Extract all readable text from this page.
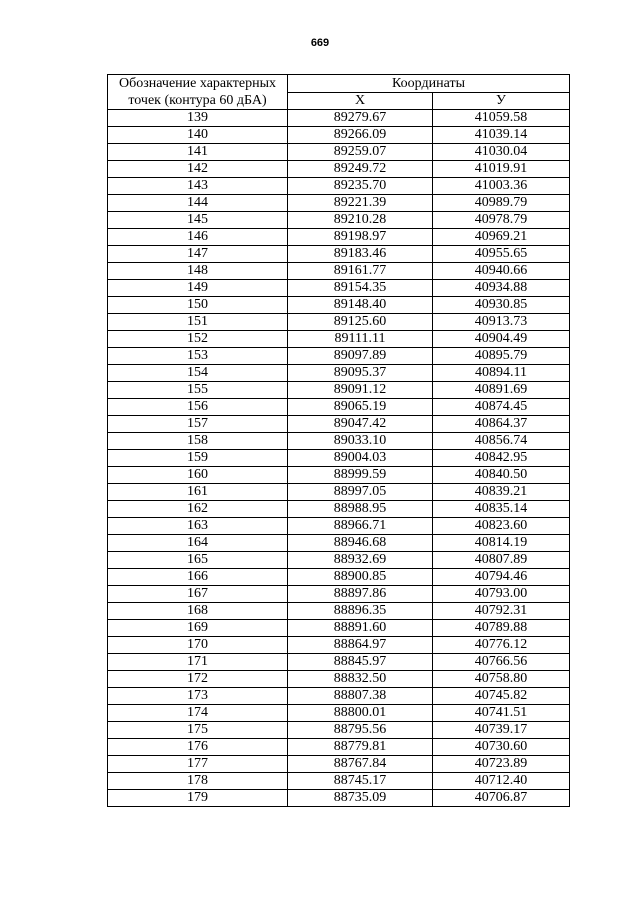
669
Обозначение характерных
точек (контура 60 дБА)	Координаты	
	Х	У
139	89279.67	41059.58
140	89266.09	41039.14
141	89259.07	41030.04
142	89249.72	41019.91
143	89235.70	41003.36
144	89221.39	40989.79
145	89210.28	40978.79
146	89198.97	40969.21
147	89183.46	40955.65
148	89161.77	40940.66
149	89154.35	40934.88
150	89148.40	40930.85
151	89125.60	40913.73
152	89111.11	40904.49
153	89097.89	40895.79
154	89095.37	40894.11
155	89091.12	40891.69
156	89065.19	40874.45
157	89047.42	40864.37
158	89033.10	40856.74
159	89004.03	40842.95
160	88999.59	40840.50
161	88997.05	40839.21
162	88988.95	40835.14
163	88966.71	40823.60
164	88946.68	40814.19
165	88932.69	40807.89
166	88900.85	40794.46
167	88897.86	40793.00
168	88896.35	40792.31
169	88891.60	40789.88
170	88864.97	40776.12
171	88845.97	40766.56
172	88832.50	40758.80
173	88807.38	40745.82
174	88800.01	40741.51
175	88795.56	40739.17
176	88779.81	40730.60
177	88767.84	40723.89
178	88745.17	40712.40
179	88735.09	40706.87
